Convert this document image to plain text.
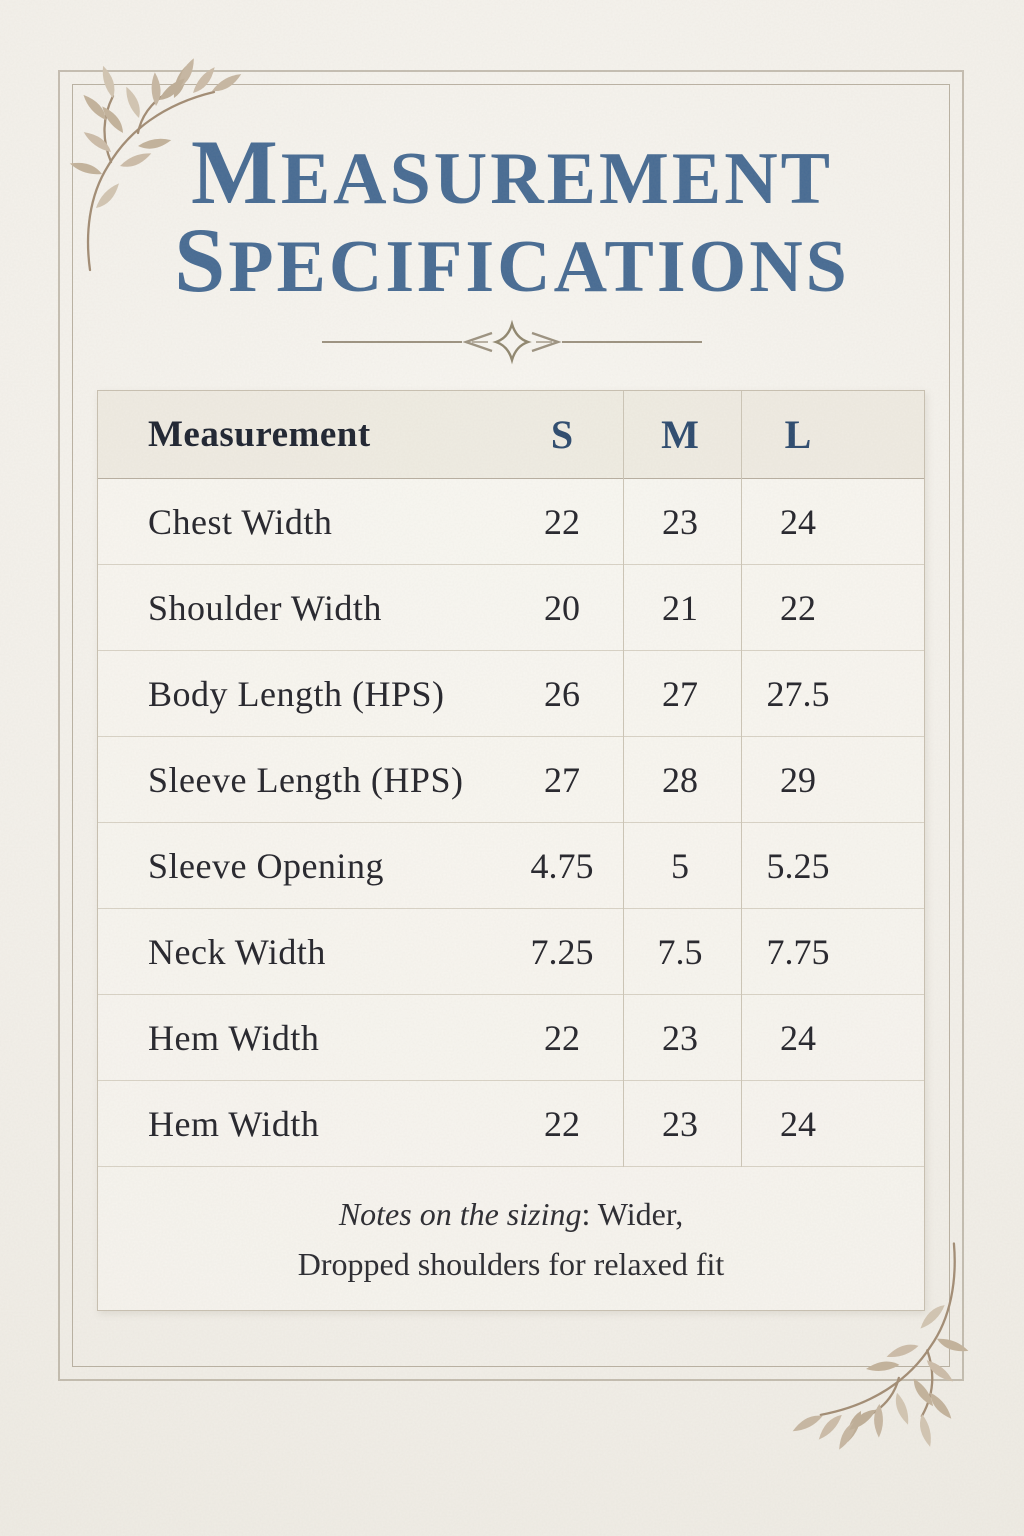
MEASUREMENT
SPECIFICATIONS
Measurement	S	M	L
Chest Width	22	23	24
Shoulder Width	20	21	22
Body Length (HPS)	26	27	27.5
Sleeve Length (HPS)	27	28	29
Sleeve Opening	4.75	5	5.25
Neck Width	7.25	7.5	7.75
Hem Width	22	23	24
Hem Width	22	23	24
Notes on the sizing: Wider,
Dropped shoulders for relaxed fit
